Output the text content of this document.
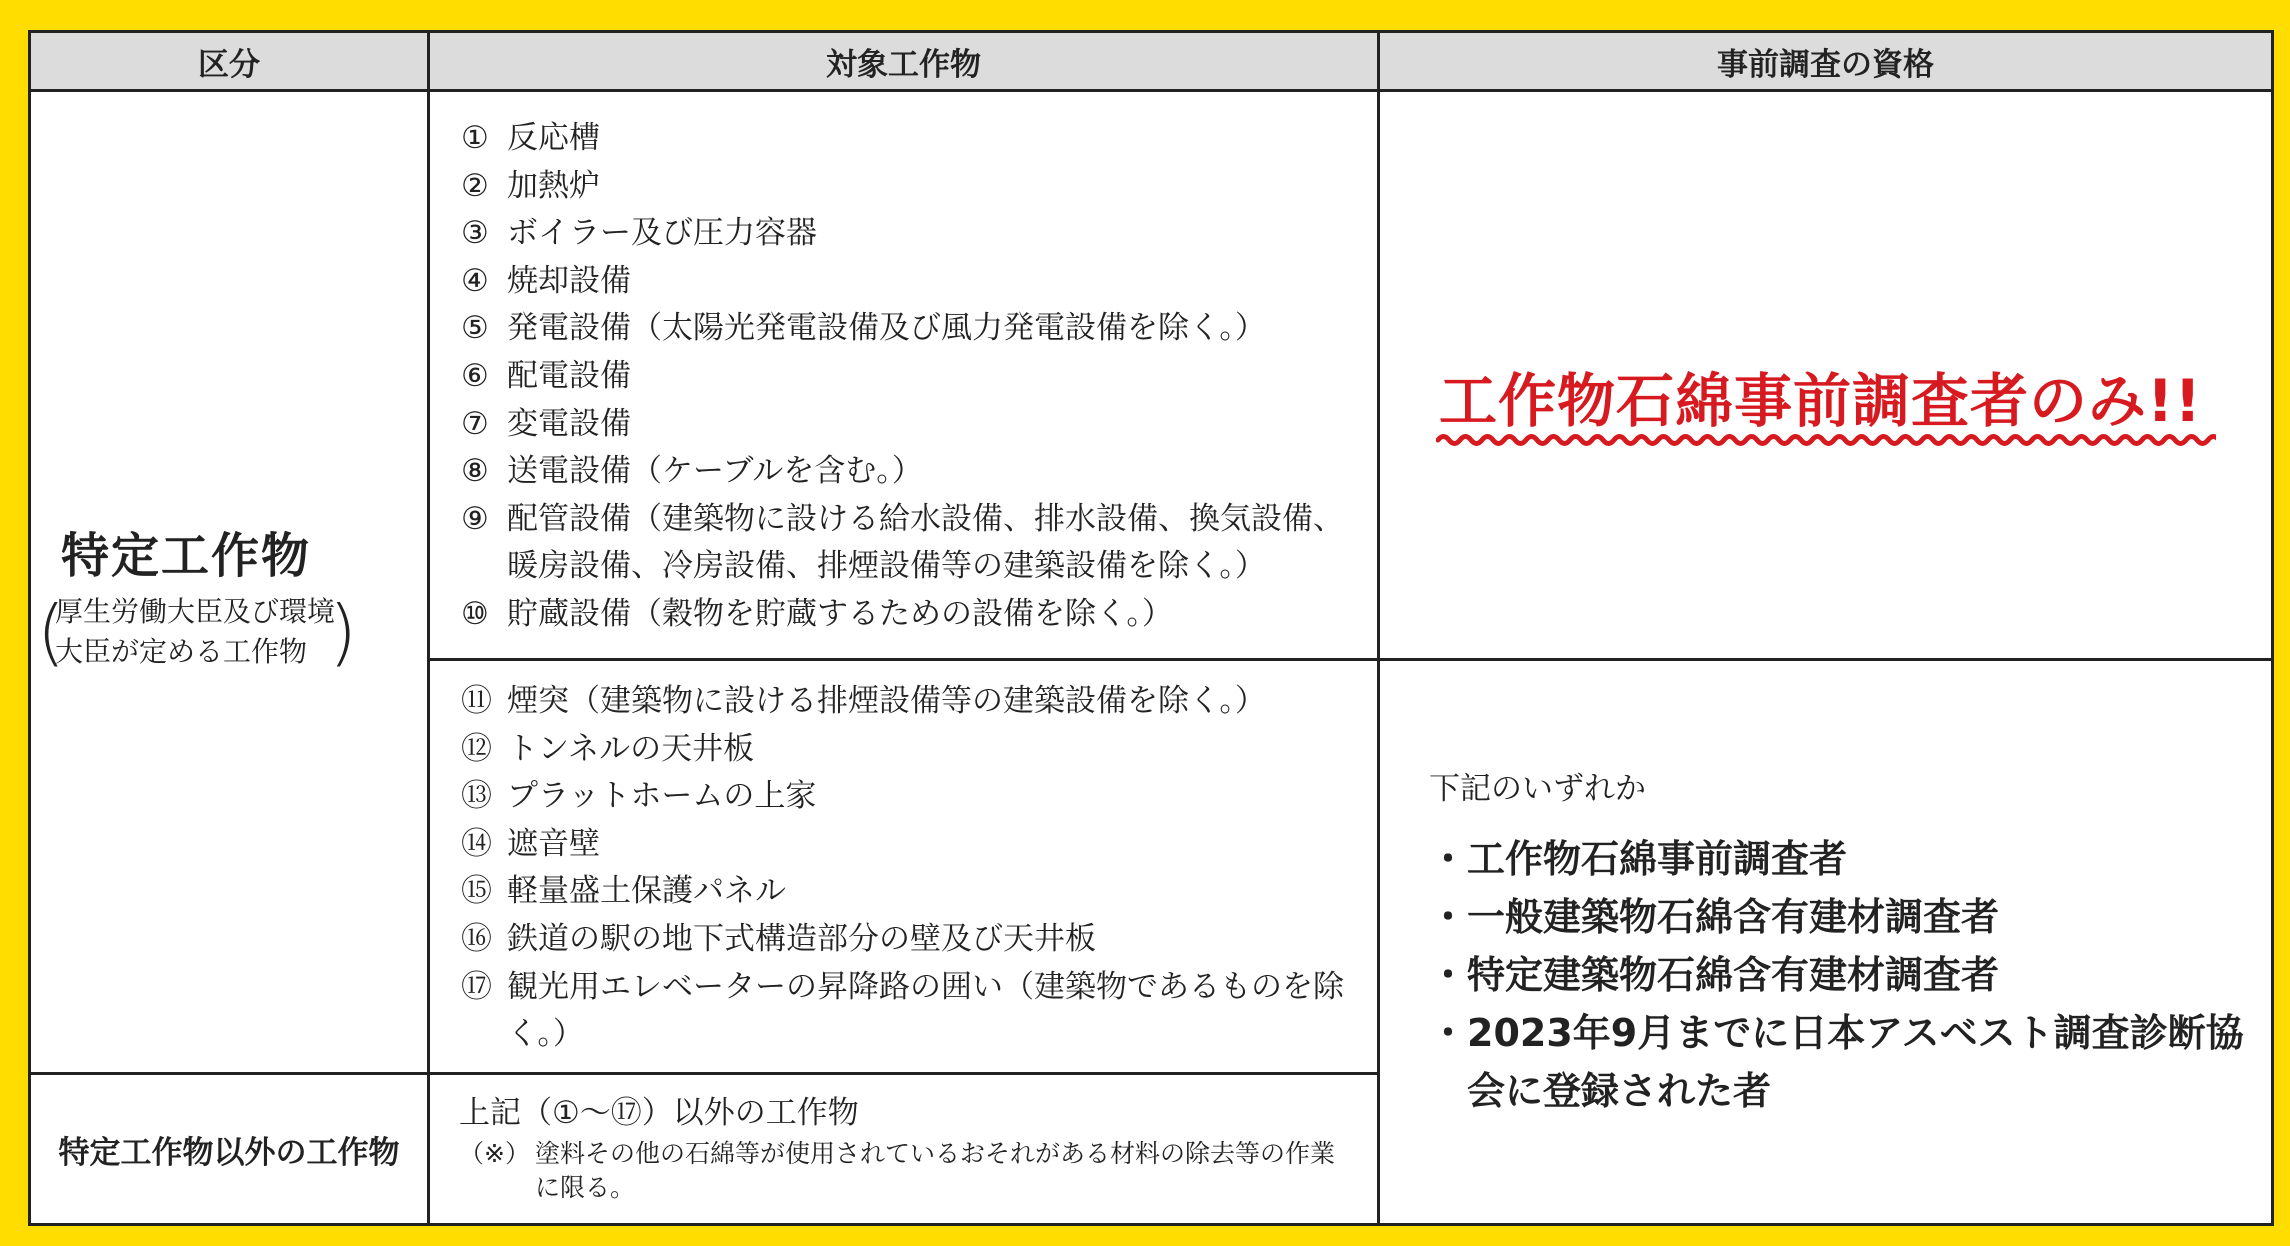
区分	対象工作物	事前調査の資格
特定工作物
(
厚生労働大臣及び環境
大臣が定める工作物 )
① 反応槽
② 加熱炉
③ ボイラー及び圧力容器
④ 焼却設備
⑤ 発電設備（太陽光発電設備及び風力発電設備を除く。）
⑥ 配電設備
⑦ 変電設備
⑧ 送電設備（ケーブルを含む。）
⑨ 配管設備（建築物に設ける給水設備、排水設備、換気設備、暖房設備、冷房設備、排煙設備等の建築設備を除く。）
⑩ 貯蔵設備（穀物を貯蔵するための設備を除く。）
⑪ 煙突（建築物に設ける排煙設備等の建築設備を除く。）
⑫ トンネルの天井板
⑬ プラットホームの上家
⑭ 遮音壁
⑮ 軽量盛土保護パネル
⑯ 鉄道の駅の地下式構造部分の壁及び天井板
⑰ 観光用エレベーターの昇降路の囲い（建築物であるものを除く。）
工作物石綿事前調査者のみ!!
特定工作物以外の工作物
上記（①～⑰）以外の工作物
（※） 塗料その他の石綿等が使用されているおそれがある材料の除去等の作業に限る。
下記のいずれか
・工作物石綿事前調査者
・一般建築物石綿含有建材調査者
・特定建築物石綿含有建材調査者
・2023年9月までに日本アスベスト調査診断協会に登録された者
